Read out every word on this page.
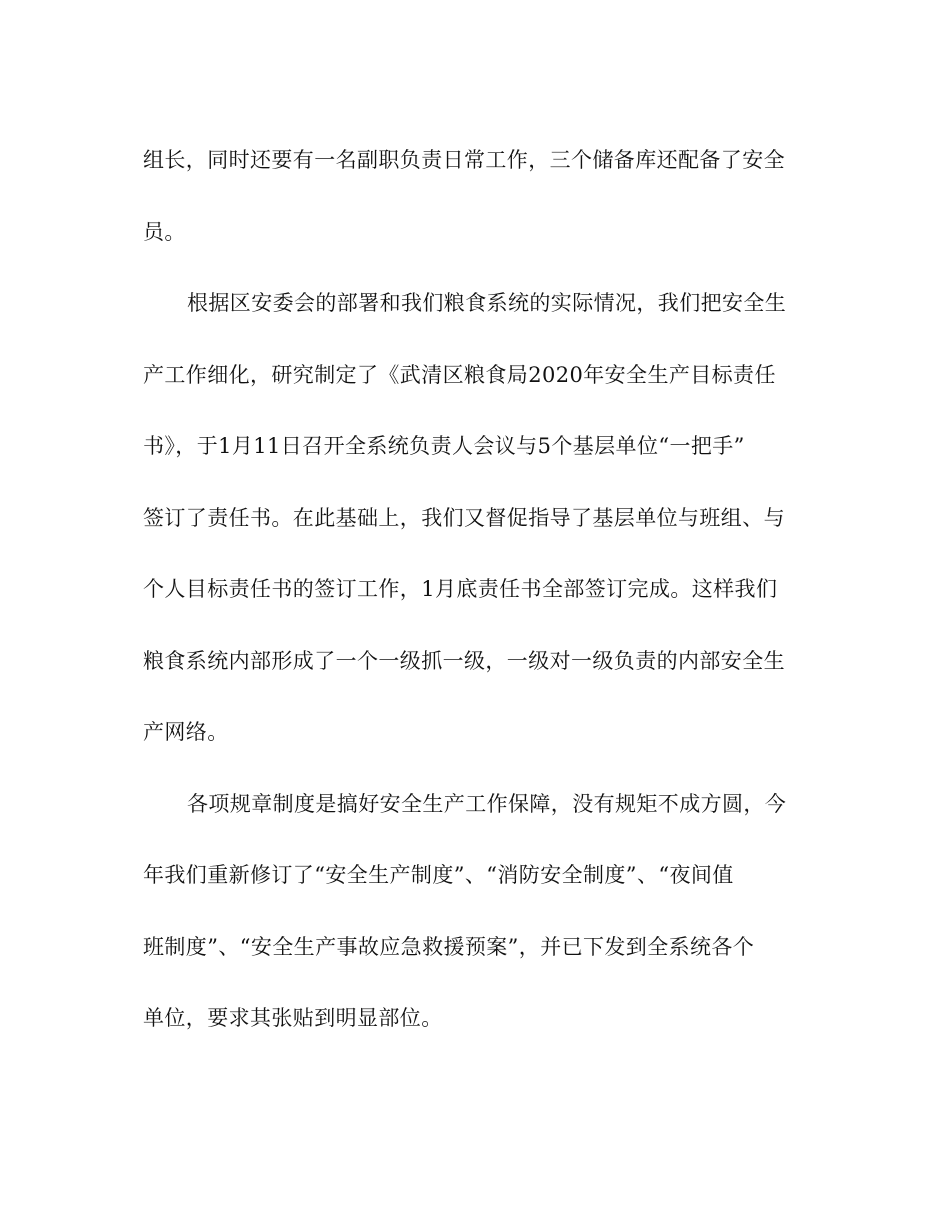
组长，同时还要有一名副职负责日常工作，三个储备库还配备了安全
员。
根据区安委会的部署和我们粮食系统的实际情况，我们把安全生
产工作细化，研究制定了《武清区粮食局2020年安全生产目标责任
书》，于1月11日召开全系统负责人会议与5个基层单位“一把手”
签订了责任书。在此基础上，我们又督促指导了基层单位与班组、与
个人目标责任书的签订工作，1月底责任书全部签订完成。这样我们
粮食系统内部形成了一个一级抓一级，一级对一级负责的内部安全生
产网络。
各项规章制度是搞好安全生产工作保障，没有规矩不成方圆，今
年我们重新修订了“安全生产制度”、“消防安全制度”、“夜间值
班制度”、“安全生产事故应急救援预案”，并已下发到全系统各个
单位，要求其张贴到明显部位。
